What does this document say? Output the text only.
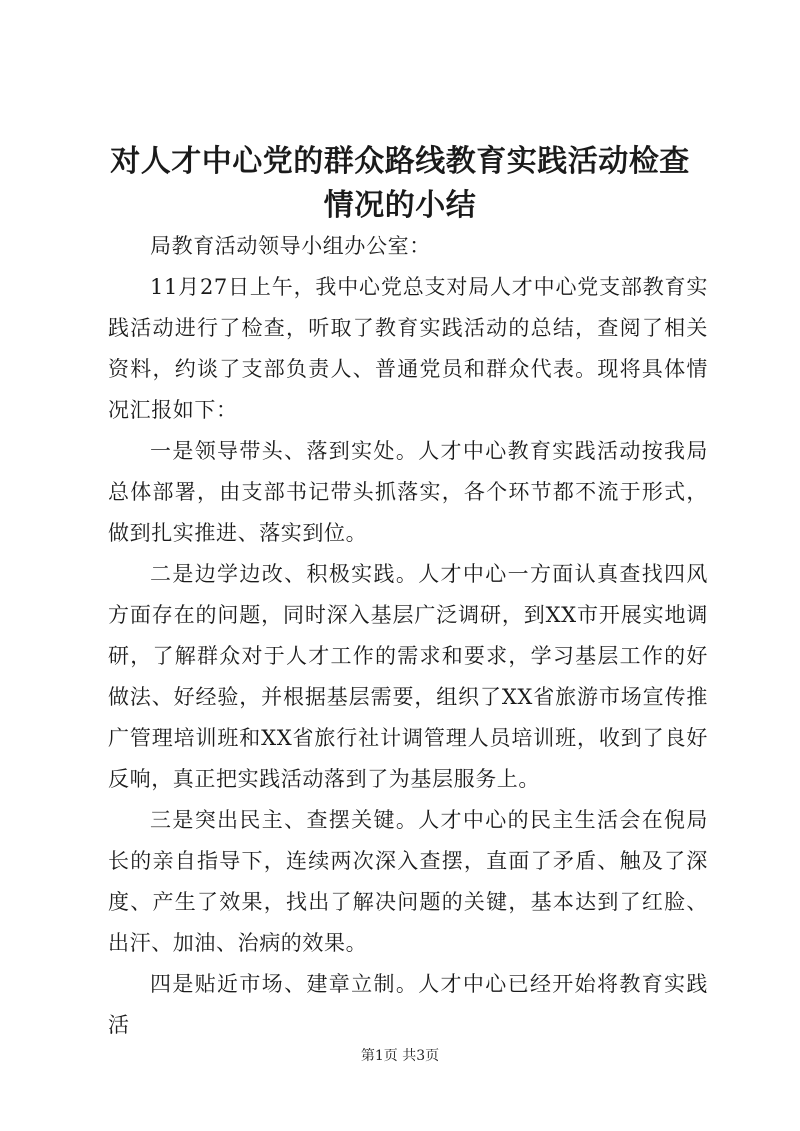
对人才中心党的群众路线教育实践活动检查情况的小结

局教育活动领导小组办公室：

11月27日上午，我中心党总支对局人才中心党支部教育实践活动进行了检查，听取了教育实践活动的总结，查阅了相关资料，约谈了支部负责人、普通党员和群众代表。现将具体情况汇报如下：

一是领导带头、落到实处。人才中心教育实践活动按我局总体部署，由支部书记带头抓落实，各个环节都不流于形式，做到扎实推进、落实到位。

二是边学边改、积极实践。人才中心一方面认真查找四风方面存在的问题，同时深入基层广泛调研，到XX市开展实地调研，了解群众对于人才工作的需求和要求，学习基层工作的好做法、好经验，并根据基层需要，组织了XX省旅游市场宣传推广管理培训班和XX省旅行社计调管理人员培训班，收到了良好反响，真正把实践活动落到了为基层服务上。

三是突出民主、查摆关键。人才中心的民主生活会在倪局长的亲自指导下，连续两次深入查摆，直面了矛盾、触及了深度、产生了效果，找出了解决问题的关键，基本达到了红脸、出汗、加油、治病的效果。

四是贴近市场、建章立制。人才中心已经开始将教育实践活

第1页 共3页
